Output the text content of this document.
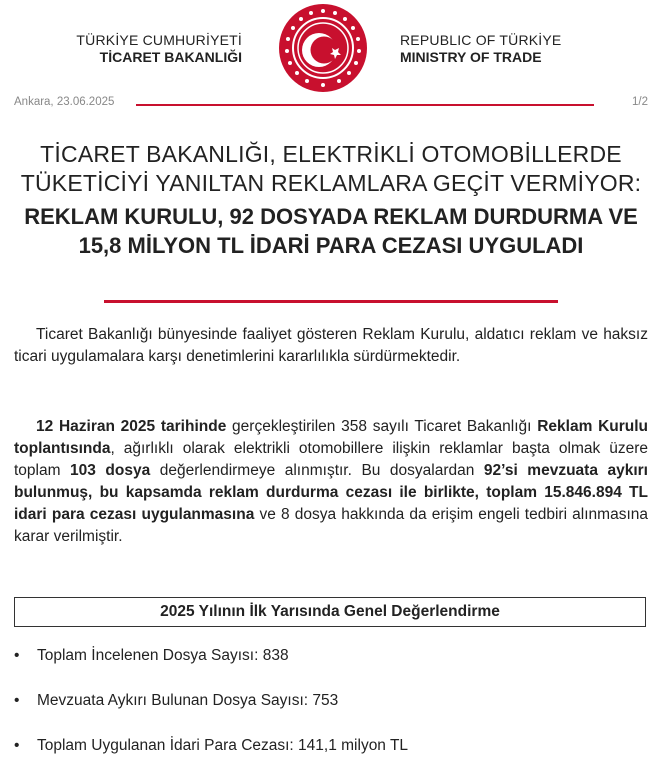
TÜRKİYE CUMHURİYETİ
TİCARET BAKANLIĞI
REPUBLIC OF TÜRKİYE
MINISTRY OF TRADE
Ankara, 23.06.2025	1/2
TİCARET BAKANLIĞI, ELEKTRİKLİ OTOMOBİLLERDE TÜKETİCİYİ YANILTAN REKLAMLARA GEÇİT VERMİYOR:
REKLAM KURULU, 92 DOSYADA REKLAM DURDURMA VE 15,8 MİLYON TL İDARİ PARA CEZASI UYGULADI
Ticaret Bakanlığı bünyesinde faaliyet gösteren Reklam Kurulu, aldatıcı reklam ve haksız ticari uygulamalara karşı denetimlerini kararlılıkla sürdürmektedir.
12 Haziran 2025 tarihinde gerçekleştirilen 358 sayılı Ticaret Bakanlığı Reklam Kurulu toplantısında, ağırlıklı olarak elektrikli otomobillere ilişkin reklamlar başta olmak üzere toplam 103 dosya değerlendirmeye alınmıştır. Bu dosyalardan 92’si mevzuata aykırı bulunmuş, bu kapsamda reklam durdurma cezası ile birlikte, toplam 15.846.894 TL idari para cezası uygulanmasına ve 8 dosya hakkında da erişim engeli tedbiri alınmasına karar verilmiştir.
2025 Yılının İlk Yarısında Genel Değerlendirme
• Toplam İncelenen Dosya Sayısı: 838
• Mevzuata Aykırı Bulunan Dosya Sayısı: 753
• Toplam Uygulanan İdari Para Cezası: 141,1 milyon TL
